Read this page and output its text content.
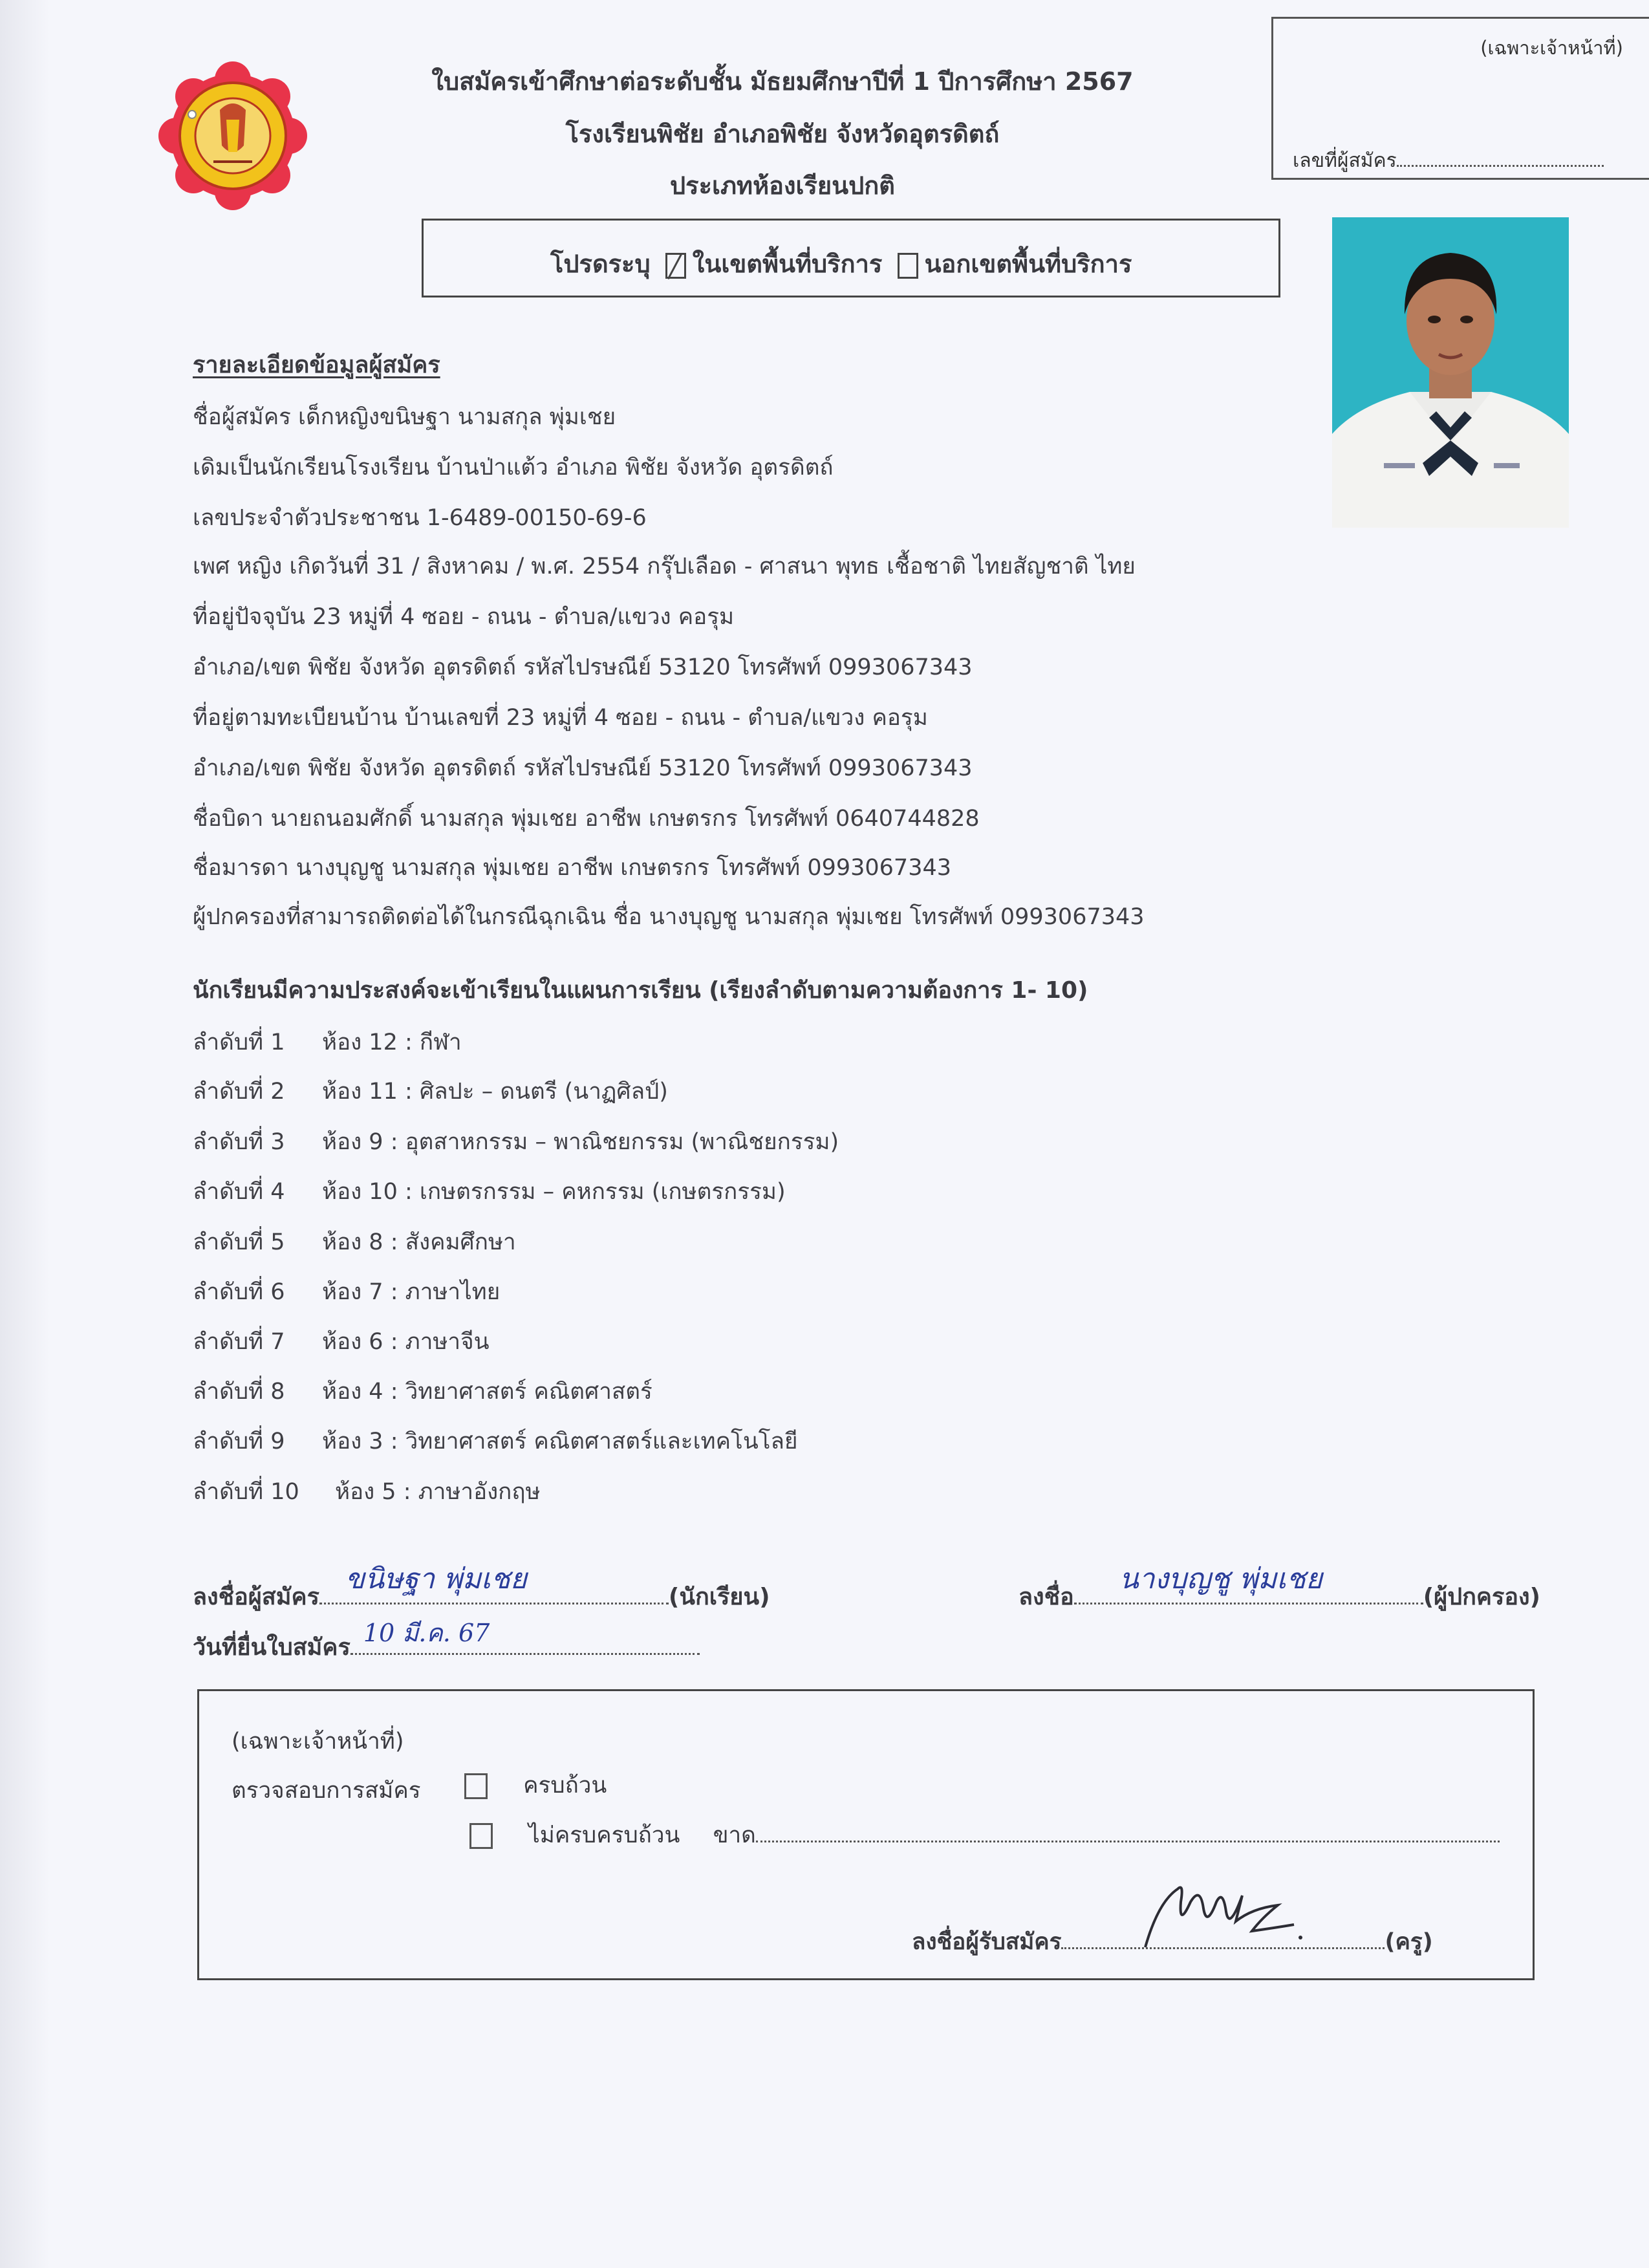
ใบสมัครเข้าศึกษาต่อระดับชั้น มัธยมศึกษาปีที่ 1 ปีการศึกษา 2567
โรงเรียนพิชัย อำเภอพิชัย จังหวัดอุตรดิตถ์
ประเภทห้องเรียนปกติ
(เฉพาะเจ้าหน้าที่)
เลขที่ผู้สมัคร
โปรดระบุ ในเขตพื้นที่บริการ นอกเขตพื้นที่บริการ
รายละเอียดข้อมูลผู้สมัคร
ชื่อผู้สมัคร เด็กหญิงขนิษฐา นามสกุล พุ่มเชย
เดิมเป็นนักเรียนโรงเรียน บ้านป่าแต้ว อำเภอ พิชัย จังหวัด อุตรดิตถ์
เลขประจำตัวประชาชน 1-6489-00150-69-6
เพศ หญิง เกิดวันที่ 31 / สิงหาคม / พ.ศ. 2554 กรุ๊ปเลือด - ศาสนา พุทธ เชื้อชาติ ไทยสัญชาติ ไทย
ที่อยู่ปัจจุบัน 23 หมู่ที่ 4 ซอย - ถนน - ตำบล/แขวง คอรุม
อำเภอ/เขต พิชัย จังหวัด อุตรดิตถ์ รหัสไปรษณีย์ 53120 โทรศัพท์ 0993067343
ที่อยู่ตามทะเบียนบ้าน บ้านเลขที่ 23 หมู่ที่ 4 ซอย - ถนน - ตำบล/แขวง คอรุม
อำเภอ/เขต พิชัย จังหวัด อุตรดิตถ์ รหัสไปรษณีย์ 53120 โทรศัพท์ 0993067343
ชื่อบิดา นายถนอมศักดิ์ นามสกุล พุ่มเชย อาชีพ เกษตรกร โทรศัพท์ 0640744828
ชื่อมารดา นางบุญชู นามสกุล พุ่มเชย อาชีพ เกษตรกร โทรศัพท์ 0993067343
ผู้ปกครองที่สามารถติดต่อได้ในกรณีฉุกเฉิน ชื่อ นางบุญชู นามสกุล พุ่มเชย โทรศัพท์ 0993067343
นักเรียนมีความประสงค์จะเข้าเรียนในแผนการเรียน (เรียงลำดับตามความต้องการ 1- 10)
ลำดับที่ 1 ห้อง 12 : กีฬา
ลำดับที่ 2 ห้อง 11 : ศิลปะ – ดนตรี (นาฏศิลป์)
ลำดับที่ 3 ห้อง 9 : อุตสาหกรรม – พาณิชยกรรม (พาณิชยกรรม)
ลำดับที่ 4 ห้อง 10 : เกษตรกรรม – คหกรรม (เกษตรกรรม)
ลำดับที่ 5 ห้อง 8 : สังคมศึกษา
ลำดับที่ 6 ห้อง 7 : ภาษาไทย
ลำดับที่ 7 ห้อง 6 : ภาษาจีน
ลำดับที่ 8 ห้อง 4 : วิทยาศาสตร์ คณิตศาสตร์
ลำดับที่ 9 ห้อง 3 : วิทยาศาสตร์ คณิตศาสตร์และเทคโนโลยี
ลำดับที่ 10 ห้อง 5 : ภาษาอังกฤษ
ลงชื่อผู้สมัคร
ขนิษฐา พุ่มเชย
(นักเรียน)	ลงชื่อ
นางบุญชู พุ่มเชย
(ผู้ปกครอง)
วันที่ยื่นใบสมัคร
10 มี.ค. 67
(เฉพาะเจ้าหน้าที่)
ตรวจสอบการสมัคร	ครบถ้วน
ไม่ครบครบถ้วน ขาด
ลงชื่อผู้รับสมัคร	(ครู)
